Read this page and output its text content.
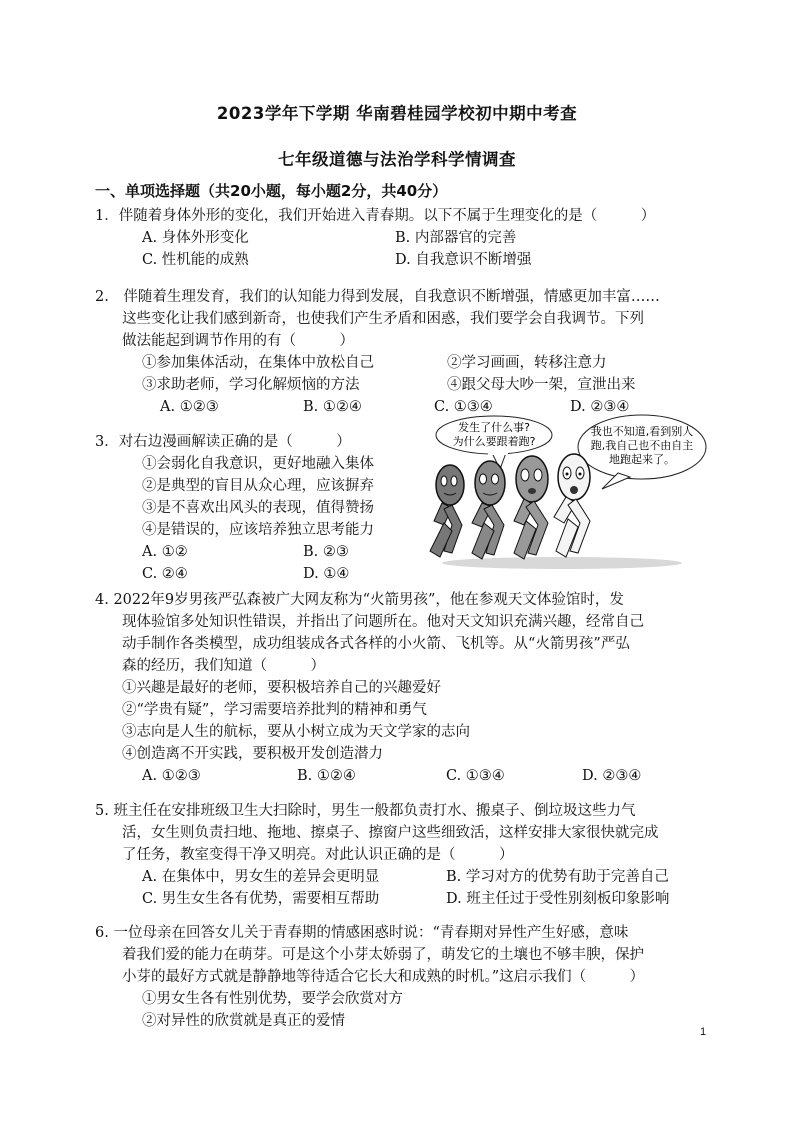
2023学年下学期 华南碧桂园学校初中期中考查
七年级道德与法治学科学情调查
一、单项选择题（共20小题，每小题2分，共40分）
1．伴随着身体外形的变化，我们开始进入青春期。以下不属于生理变化的是（　　　）
A. 身体外形变化	B. 内部器官的完善
C. 性机能的成熟	D. 自我意识不断增强
2.　伴随着生理发育，我们的认知能力得到发展，自我意识不断增强，情感更加丰富……
这些变化让我们感到新奇，也使我们产生矛盾和困惑，我们要学会自我调节。下列
做法能起到调节作用的有（　　　）
①参加集体活动，在集体中放松自己	②学习画画，转移注意力
③求助老师，学习化解烦恼的方法	④跟父母大吵一架，宣泄出来
A. ①②③	B. ①②④	C. ①③④	D. ②③④
3．对右边漫画解读正确的是（　　　）
①会弱化自我意识，更好地融入集体
②是典型的盲目从众心理，应该摒弃
③是不喜欢出风头的表现，值得赞扬
④是错误的，应该培养独立思考能力
A. ①②	B. ②③
C. ②④	D. ①④
发生了什么事?
为什么要跟着跑?
我也不知道,看到别人
跑,我自己也不由自主
地跑起来了。
4. 2022年9岁男孩严弘森被广大网友称为“火箭男孩”，他在参观天文体验馆时，发
现体验馆多处知识性错误，并指出了问题所在。他对天文知识充满兴趣，经常自己
动手制作各类模型，成功组装成各式各样的小火箭、飞机等。从“火箭男孩”严弘
森的经历，我们知道（　　　）
①兴趣是最好的老师，要积极培养自己的兴趣爱好
②“学贵有疑”，学习需要培养批判的精神和勇气
③志向是人生的航标，要从小树立成为天文学家的志向
④创造离不开实践，要积极开发创造潜力
A. ①②③	B. ①②④	C. ①③④	D. ②③④
5. 班主任在安排班级卫生大扫除时，男生一般都负责打水、搬桌子、倒垃圾这些力气
活，女生则负责扫地、拖地、擦桌子、擦窗户这些细致活，这样安排大家很快就完成
了任务，教室变得干净又明亮。对此认识正确的是（　　　）
A. 在集体中，男女生的差异会更明显	B. 学习对方的优势有助于完善自己
C. 男生女生各有优势，需要相互帮助	D. 班主任过于受性别刻板印象影响
6. 一位母亲在回答女儿关于青春期的情感困惑时说：“青春期对异性产生好感，意味
着我们爱的能力在萌芽。可是这个小芽太娇弱了，萌发它的土壤也不够丰腴，保护
小芽的最好方式就是静静地等待适合它长大和成熟的时机。”这启示我们（　　　）
①男女生各有性别优势，要学会欣赏对方
②对异性的欣赏就是真正的爱情
1
